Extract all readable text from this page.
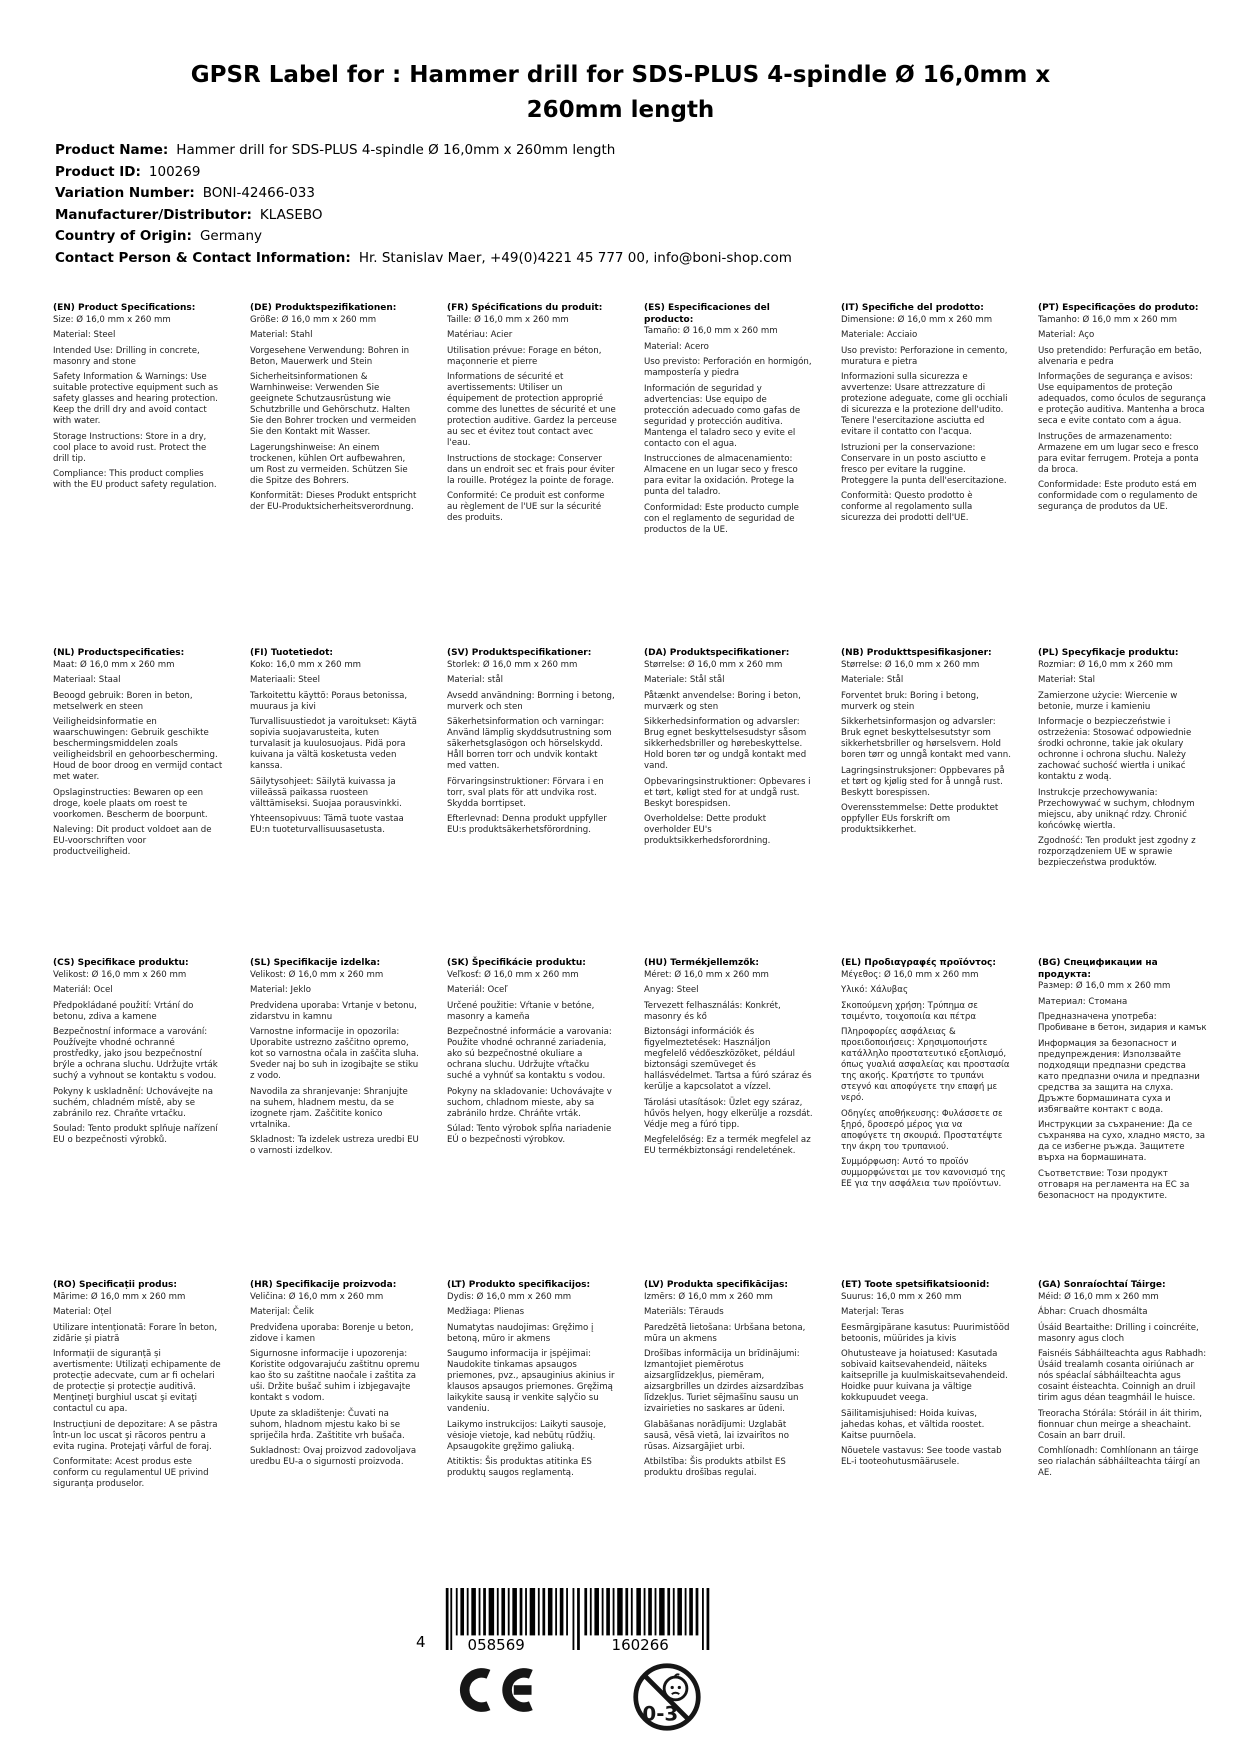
GPSR Label for : Hammer drill for SDS-PLUS 4-spindle Ø 16,0mm x 260mm length
Product Name: Hammer drill for SDS-PLUS 4-spindle Ø 16,0mm x 260mm length
Product ID: 100269
Variation Number: BONI-42466-033
Manufacturer/Distributor: KLASEBO
Country of Origin: Germany
Contact Person & Contact Information: Hr. Stanislav Maer, +49(0)4221 45 777 00, info@boni-shop.com
(EN) Product Specifications:

Size: Ø 16,0 mm x 260 mm

Material: Steel

Intended Use: Drilling in concrete, masonry and stone

Safety Information & Warnings: Use suitable protective equipment such as safety glasses and hearing protection. Keep the drill dry and avoid contact with water.

Storage Instructions: Store in a dry, cool place to avoid rust. Protect the drill tip.

Compliance: This product complies with the EU product safety regulation.

(DE) Produktspezifikationen:

Größe: Ø 16,0 mm x 260 mm

Material: Stahl

Vorgesehene Verwendung: Bohren in Beton, Mauerwerk und Stein

Sicherheitsinformationen & Warnhinweise: Verwenden Sie geeignete Schutzausrüstung wie Schutzbrille und Gehörschutz. Halten Sie den Bohrer trocken und vermeiden Sie den Kontakt mit Wasser.

Lagerungshinweise: An einem trockenen, kühlen Ort aufbewahren, um Rost zu vermeiden. Schützen Sie die Spitze des Bohrers.

Konformität: Dieses Produkt entspricht der EU-Produktsicherheitsverordnung.

(FR) Spécifications du produit:

Taille: Ø 16,0 mm x 260 mm

Matériau: Acier

Utilisation prévue: Forage en béton, maçonnerie et pierre

Informations de sécurité et avertissements: Utiliser un équipement de protection approprié comme des lunettes de sécurité et une protection auditive. Gardez la perceuse au sec et évitez tout contact avec l'eau.

Instructions de stockage: Conserver dans un endroit sec et frais pour éviter la rouille. Protégez la pointe de forage.

Conformité: Ce produit est conforme au règlement de l'UE sur la sécurité des produits.

(ES) Especificaciones del producto:

Tamaño: Ø 16,0 mm x 260 mm

Material: Acero

Uso previsto: Perforación en hormigón, mampostería y piedra

Información de seguridad y advertencias: Use equipo de protección adecuado como gafas de seguridad y protección auditiva. Mantenga el taladro seco y evite el contacto con el agua.

Instrucciones de almacenamiento: Almacene en un lugar seco y fresco para evitar la oxidación. Protege la punta del taladro.

Conformidad: Este producto cumple con el reglamento de seguridad de productos de la UE.

(IT) Specifiche del prodotto:

Dimensione: Ø 16,0 mm x 260 mm

Materiale: Acciaio

Uso previsto: Perforazione in cemento, muratura e pietra

Informazioni sulla sicurezza e avvertenze: Usare attrezzature di protezione adeguate, come gli occhiali di sicurezza e la protezione dell'udito. Tenere l'esercitazione asciutta ed evitare il contatto con l'acqua.

Istruzioni per la conservazione: Conservare in un posto asciutto e fresco per evitare la ruggine. Proteggere la punta dell'esercitazione.

Conformità: Questo prodotto è conforme al regolamento sulla sicurezza dei prodotti dell'UE.

(PT) Especificações do produto:

Tamanho: Ø 16,0 mm x 260 mm

Material: Aço

Uso pretendido: Perfuração em betão, alvenaria e pedra

Informações de segurança e avisos: Use equipamentos de proteção adequados, como óculos de segurança e proteção auditiva. Mantenha a broca seca e evite contato com a água.

Instruções de armazenamento: Armazene em um lugar seco e fresco para evitar ferrugem. Proteja a ponta da broca.

Conformidade: Este produto está em conformidade com o regulamento de segurança de produtos da UE.

(NL) Productspecificaties:

Maat: Ø 16,0 mm x 260 mm

Materiaal: Staal

Beoogd gebruik: Boren in beton, metselwerk en steen

Veiligheidsinformatie en waarschuwingen: Gebruik geschikte beschermingsmiddelen zoals veiligheidsbril en gehoorbescherming. Houd de boor droog en vermijd contact met water.

Opslaginstructies: Bewaren op een droge, koele plaats om roest te voorkomen. Bescherm de boorpunt.

Naleving: Dit product voldoet aan de EU-voorschriften voor productveiligheid.

(FI) Tuotetiedot:

Koko: 16,0 mm x 260 mm

Materiaali: Steel

Tarkoitettu käyttö: Poraus betonissa, muuraus ja kivi

Turvallisuustiedot ja varoitukset: Käytä sopivia suojavarusteita, kuten turvalasit ja kuulosuojaus. Pidä pora kuivana ja vältä kosketusta veden kanssa.

Säilytysohjeet: Säilytä kuivassa ja viileässä paikassa ruosteen välttämiseksi. Suojaa porausvinkki.

Yhteensopivuus: Tämä tuote vastaa EU:n tuoteturvallisuusasetusta.

(SV) Produktspecifikationer:

Storlek: Ø 16,0 mm x 260 mm

Material: stål

Avsedd användning: Borrning i betong, murverk och sten

Säkerhetsinformation och varningar: Använd lämplig skyddsutrustning som säkerhetsglasögon och hörselskydd. Håll borren torr och undvik kontakt med vatten.

Förvaringsinstruktioner: Förvara i en torr, sval plats för att undvika rost. Skydda borrtipset.

Efterlevnad: Denna produkt uppfyller EU:s produktsäkerhetsförordning.

(DA) Produktspecifikationer:

Størrelse: Ø 16,0 mm x 260 mm

Materiale: Stål stål

Påtænkt anvendelse: Boring i beton, murværk og sten

Sikkerhedsinformation og advarsler: Brug egnet beskyttelsesudstyr såsom sikkerhedsbriller og hørebeskyttelse. Hold boren tør og undgå kontakt med vand.

Opbevaringsinstruktioner: Opbevares i et tørt, køligt sted for at undgå rust. Beskyt borespidsen.

Overholdelse: Dette produkt overholder EU's produktsikkerhedsforordning.

(NB) Produkttspesifikasjoner:

Størrelse: Ø 16,0 mm x 260 mm

Materiale: Stål

Forventet bruk: Boring i betong, murverk og stein

Sikkerhetsinformasjon og advarsler: Bruk egnet beskyttelsesutstyr som sikkerhetsbriller og hørselsvern. Hold boren tørr og unngå kontakt med vann.

Lagringsinstruksjoner: Oppbevares på et tørt og kjølig sted for å unngå rust. Beskytt borespissen.

Overensstemmelse: Dette produktet oppfyller EUs forskrift om produktsikkerhet.

(PL) Specyfikacje produktu:

Rozmiar: Ø 16,0 mm x 260 mm

Materiał: Stal

Zamierzone użycie: Wiercenie w betonie, murze i kamieniu

Informacje o bezpieczeństwie i ostrzeżenia: Stosować odpowiednie środki ochronne, takie jak okulary ochronne i ochrona słuchu. Należy zachować suchość wiertła i unikać kontaktu z wodą.

Instrukcje przechowywania: Przechowywać w suchym, chłodnym miejscu, aby uniknąć rdzy. Chronić końcówkę wiertła.

Zgodność: Ten produkt jest zgodny z rozporządzeniem UE w sprawie bezpieczeństwa produktów.

(CS) Specifikace produktu:

Velikost: Ø 16,0 mm x 260 mm

Materiál: Ocel

Předpokládané použití: Vrtání do betonu, zdiva a kamene

Bezpečnostní informace a varování: Používejte vhodné ochranné prostředky, jako jsou bezpečnostní brýle a ochrana sluchu. Udržujte vrták suchý a vyhnout se kontaktu s vodou.

Pokyny k uskladnění: Uchovávejte na suchém, chladném místě, aby se zabránilo rez. Chraňte vrtačku.

Soulad: Tento produkt splňuje nařízení EU o bezpečnosti výrobků.

(SL) Specifikacije izdelka:

Velikost: Ø 16,0 mm x 260 mm

Material: Jeklo

Predvidena uporaba: Vrtanje v betonu, zidarstvu in kamnu

Varnostne informacije in opozorila: Uporabite ustrezno zaščitno opremo, kot so varnostna očala in zaščita sluha. Sveder naj bo suh in izogibajte se stiku z vodo.

Navodila za shranjevanje: Shranjujte na suhem, hladnem mestu, da se izognete rjam. Zaščitite konico vrtalnika.

Skladnost: Ta izdelek ustreza uredbi EU o varnosti izdelkov.

(SK) Špecifikácie produktu:

Veľkosť: Ø 16,0 mm x 260 mm

Materiál: Oceľ

Určené použitie: Vŕtanie v betóne, masonry a kameňa

Bezpečnostné informácie a varovania: Použite vhodné ochranné zariadenia, ako sú bezpečnostné okuliare a ochrana sluchu. Udržujte vŕtačku suché a vyhnúť sa kontaktu s vodou.

Pokyny na skladovanie: Uchovávajte v suchom, chladnom mieste, aby sa zabránilo hrdze. Chráňte vrták.

Súlad: Tento výrobok spĺňa nariadenie EÚ o bezpečnosti výrobkov.

(HU) Termékjellemzők:

Méret: Ø 16,0 mm x 260 mm

Anyag: Steel

Tervezett felhasználás: Konkrét, masonry és kő

Biztonsági információk és figyelmeztetések: Használjon megfelelő védőeszközöket, például biztonsági szemüveget és hallásvédelmet. Tartsa a fúró száraz és kerülje a kapcsolatot a vízzel.

Tárolási utasítások: Üzlet egy száraz, hűvös helyen, hogy elkerülje a rozsdát. Védje meg a fúró tipp.

Megfelelőség: Ez a termék megfelel az EU termékbiztonsági rendeletének.

(EL) Προδιαγραφές προϊόντος:

Μέγεθος: Ø 16,0 mm x 260 mm

Υλικό: Χάλυβας

Σκοπούμενη χρήση: Τρύπημα σε τσιμέντο, τοιχοποιία και πέτρα

Πληροφορίες ασφάλειας & προειδοποιήσεις: Χρησιμοποιήστε κατάλληλο προστατευτικό εξοπλισμό, όπως γυαλιά ασφαλείας και προστασία της ακοής. Κρατήστε το τρυπάνι στεγνό και αποφύγετε την επαφή με νερό.

Οδηγίες αποθήκευσης: Φυλάσσετε σε ξηρό, δροσερό μέρος για να αποφύγετε τη σκουριά. Προστατέψτε την άκρη του τρυπανιού.

Συμμόρφωση: Αυτό το προϊόν συμμορφώνεται με τον κανονισμό της ΕΕ για την ασφάλεια των προϊόντων.

(BG) Спецификации на продукта:

Размер: Ø 16,0 mm x 260 mm

Материал: Стомана

Предназначена употреба: Пробиване в бетон, зидария и камък

Информация за безопасност и предупреждения: Използвайте подходящи предпазни средства като предпазни очила и предпазни средства за защита на слуха. Дръжте бормашината суха и избягвайте контакт с вода.

Инструкции за съхранение: Да се съхранява на сухо, хладно място, за да се избегне ръжда. Защитете върха на бормашината.

Съответствие: Този продукт отговаря на регламента на ЕС за безопасност на продуктите.

(RO) Specificații produs:

Mărime: Ø 16,0 mm x 260 mm

Material: Oțel

Utilizare intenționată: Forare în beton, zidărie și piatră

Informații de siguranță și avertismente: Utilizați echipamente de protecție adecvate, cum ar fi ochelari de protecție și protecție auditivă. Menţineţi burghiul uscat şi evitaţi contactul cu apa.

Instrucțiuni de depozitare: A se păstra într-un loc uscat şi răcoros pentru a evita rugina. Protejați vârful de foraj.

Conformitate: Acest produs este conform cu regulamentul UE privind siguranța produselor.

(HR) Specifikacije proizvoda:

Veličina: Ø 16,0 mm x 260 mm

Materijal: Čelik

Predviđena uporaba: Borenje u beton, zidove i kamen

Sigurnosne informacije i upozorenja: Koristite odgovarajuću zaštitnu opremu kao što su zaštitne naočale i zaštita za uši. Držite bušač suhim i izbjegavajte kontakt s vodom.

Upute za skladištenje: Čuvati na suhom, hladnom mjestu kako bi se spriječila hrđa. Zaštitite vrh bušača.

Sukladnost: Ovaj proizvod zadovoljava uredbu EU-a o sigurnosti proizvoda.

(LT) Produkto specifikacijos:

Dydis: Ø 16,0 mm x 260 mm

Medžiaga: Plienas

Numatytas naudojimas: Gręžimo į betoną, mūro ir akmens

Saugumo informacija ir įspėjimai: Naudokite tinkamas apsaugos priemones, pvz., apsauginius akinius ir klausos apsaugos priemones. Gręžimą laikykite sausą ir venkite sąlyčio su vandeniu.

Laikymo instrukcijos: Laikyti sausoje, vėsioje vietoje, kad nebūtų rūdžių. Apsaugokite gręžimo galiuką.

Atitiktis: Šis produktas atitinka ES produktų saugos reglamentą.

(LV) Produkta specifikācijas:

Izmērs: Ø 16,0 mm x 260 mm

Materiāls: Tērauds

Paredzētā lietošana: Urbšana betona, mūra un akmens

Drošības informācija un brīdinājumi: Izmantojiet piemērotus aizsarglīdzekļus, piemēram, aizsargbrilles un dzirdes aizsardzības līdzekļus. Turiet sējmašīnu sausu un izvairieties no saskares ar ūdeni.

Glabāšanas norādījumi: Uzglabāt sausā, vēsā vietā, lai izvairītos no rūsas. Aizsargājiet urbi.

Atbilstība: Šis produkts atbilst ES produktu drošības regulai.

(ET) Toote spetsifikatsioonid:

Suurus: 16,0 mm x 260 mm

Materjal: Teras

Eesmärgipärane kasutus: Puurimistööd betoonis, müürides ja kivis

Ohutusteave ja hoiatused: Kasutada sobivaid kaitsevahendeid, näiteks kaitseprille ja kuulmiskaitsevahendeid. Hoidke puur kuivana ja vältige kokkupuudet veega.

Säilitamisjuhised: Hoida kuivas, jahedas kohas, et vältida roostet. Kaitse puurnõela.

Nõuetele vastavus: See toode vastab EL-i tooteohutusmäärusele.

(GA) Sonraíochtaí Táirge:

Méid: Ø 16,0 mm x 260 mm

Ábhar: Cruach dhosmálta

Úsáid Beartaithe: Drilling i coincréite, masonry agus cloch

Faisnéis Sábháilteachta agus Rabhadh: Úsáid trealamh cosanta oiriúnach ar nós spéaclaí sábháilteachta agus cosaint éisteachta. Coinnigh an druil tirim agus déan teagmháil le huisce.

Treoracha Stórála: Stóráil in áit thirim, fionnuar chun meirge a sheachaint. Cosain an barr druil.

Comhlíonadh: Comhlíonann an táirge seo rialachán sábháilteachta táirgí an AE.

4	058569	160266
0-3
